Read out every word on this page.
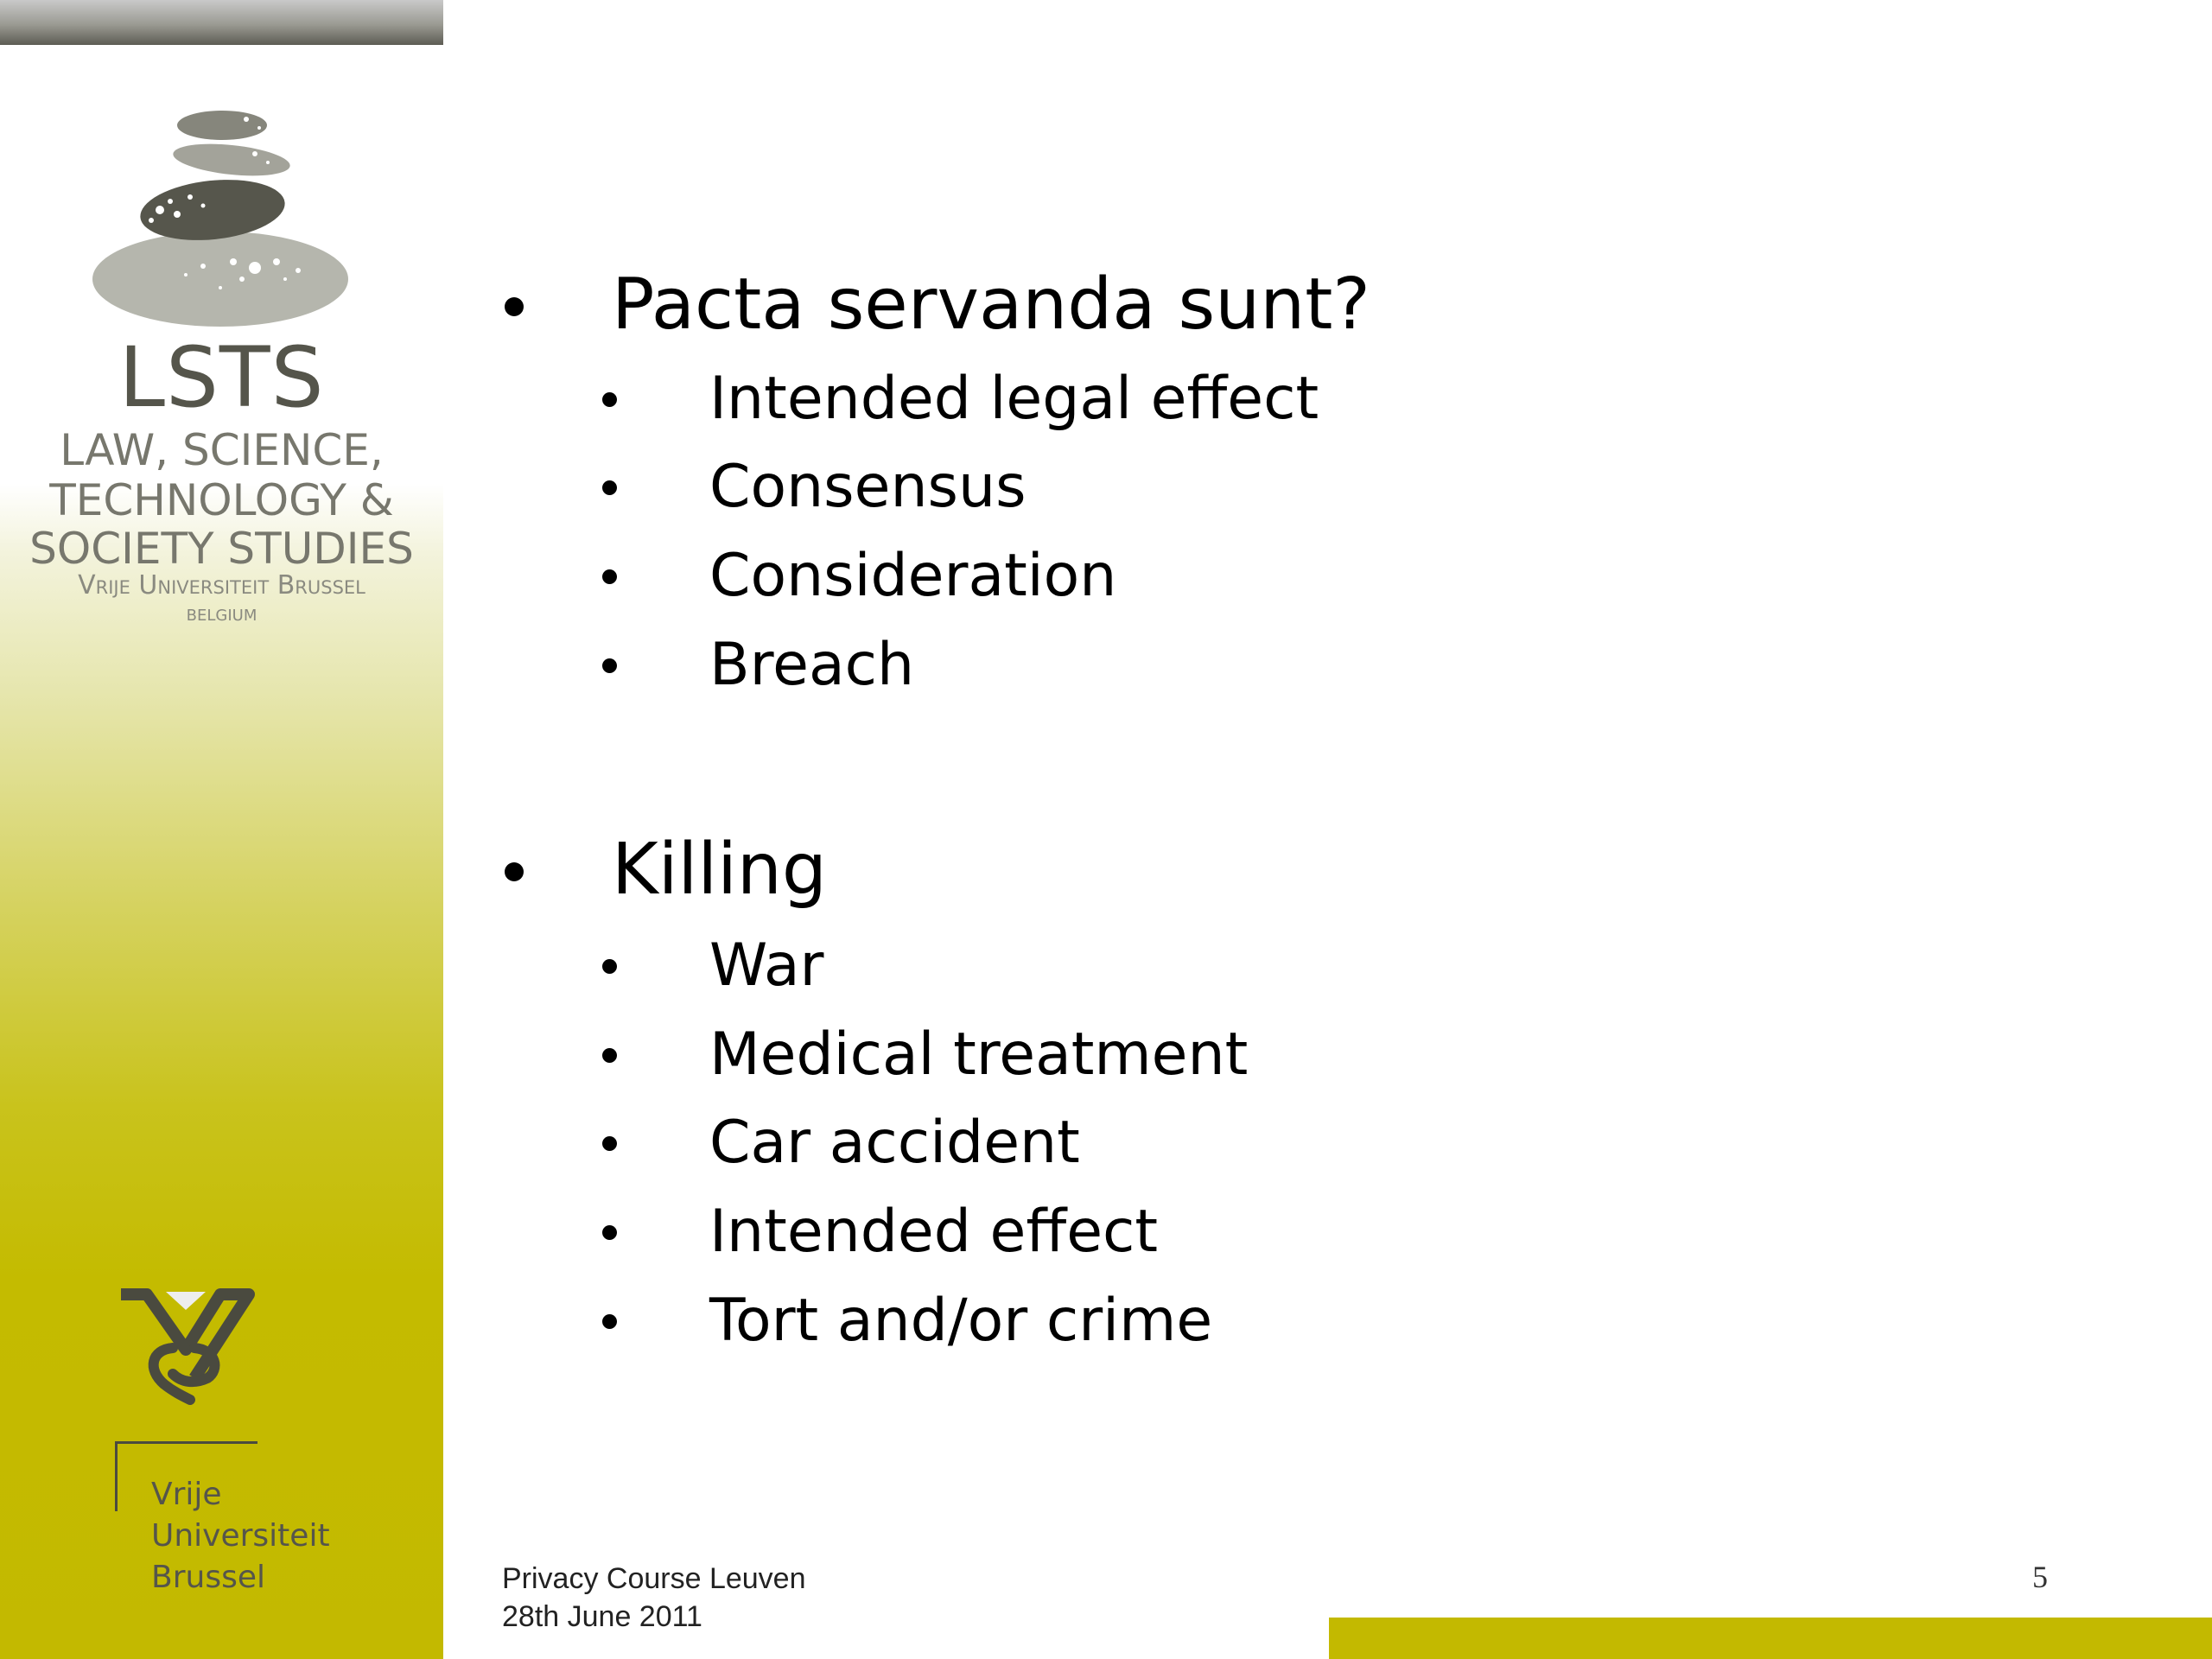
LSTS
LAW, SCIENCE,
TECHNOLOGY &
SOCIETY STUDIES
Vrije Universiteit Brussel
BELGIUM
Vrije
Universiteit
Brussel
Pacta servanda sunt?
Intended legal effect
Consensus
Consideration
Breach
Killing
War
Medical treatment
Car accident
Intended effect
Tort and/or crime
Privacy Course Leuven
28th June 2011
5
